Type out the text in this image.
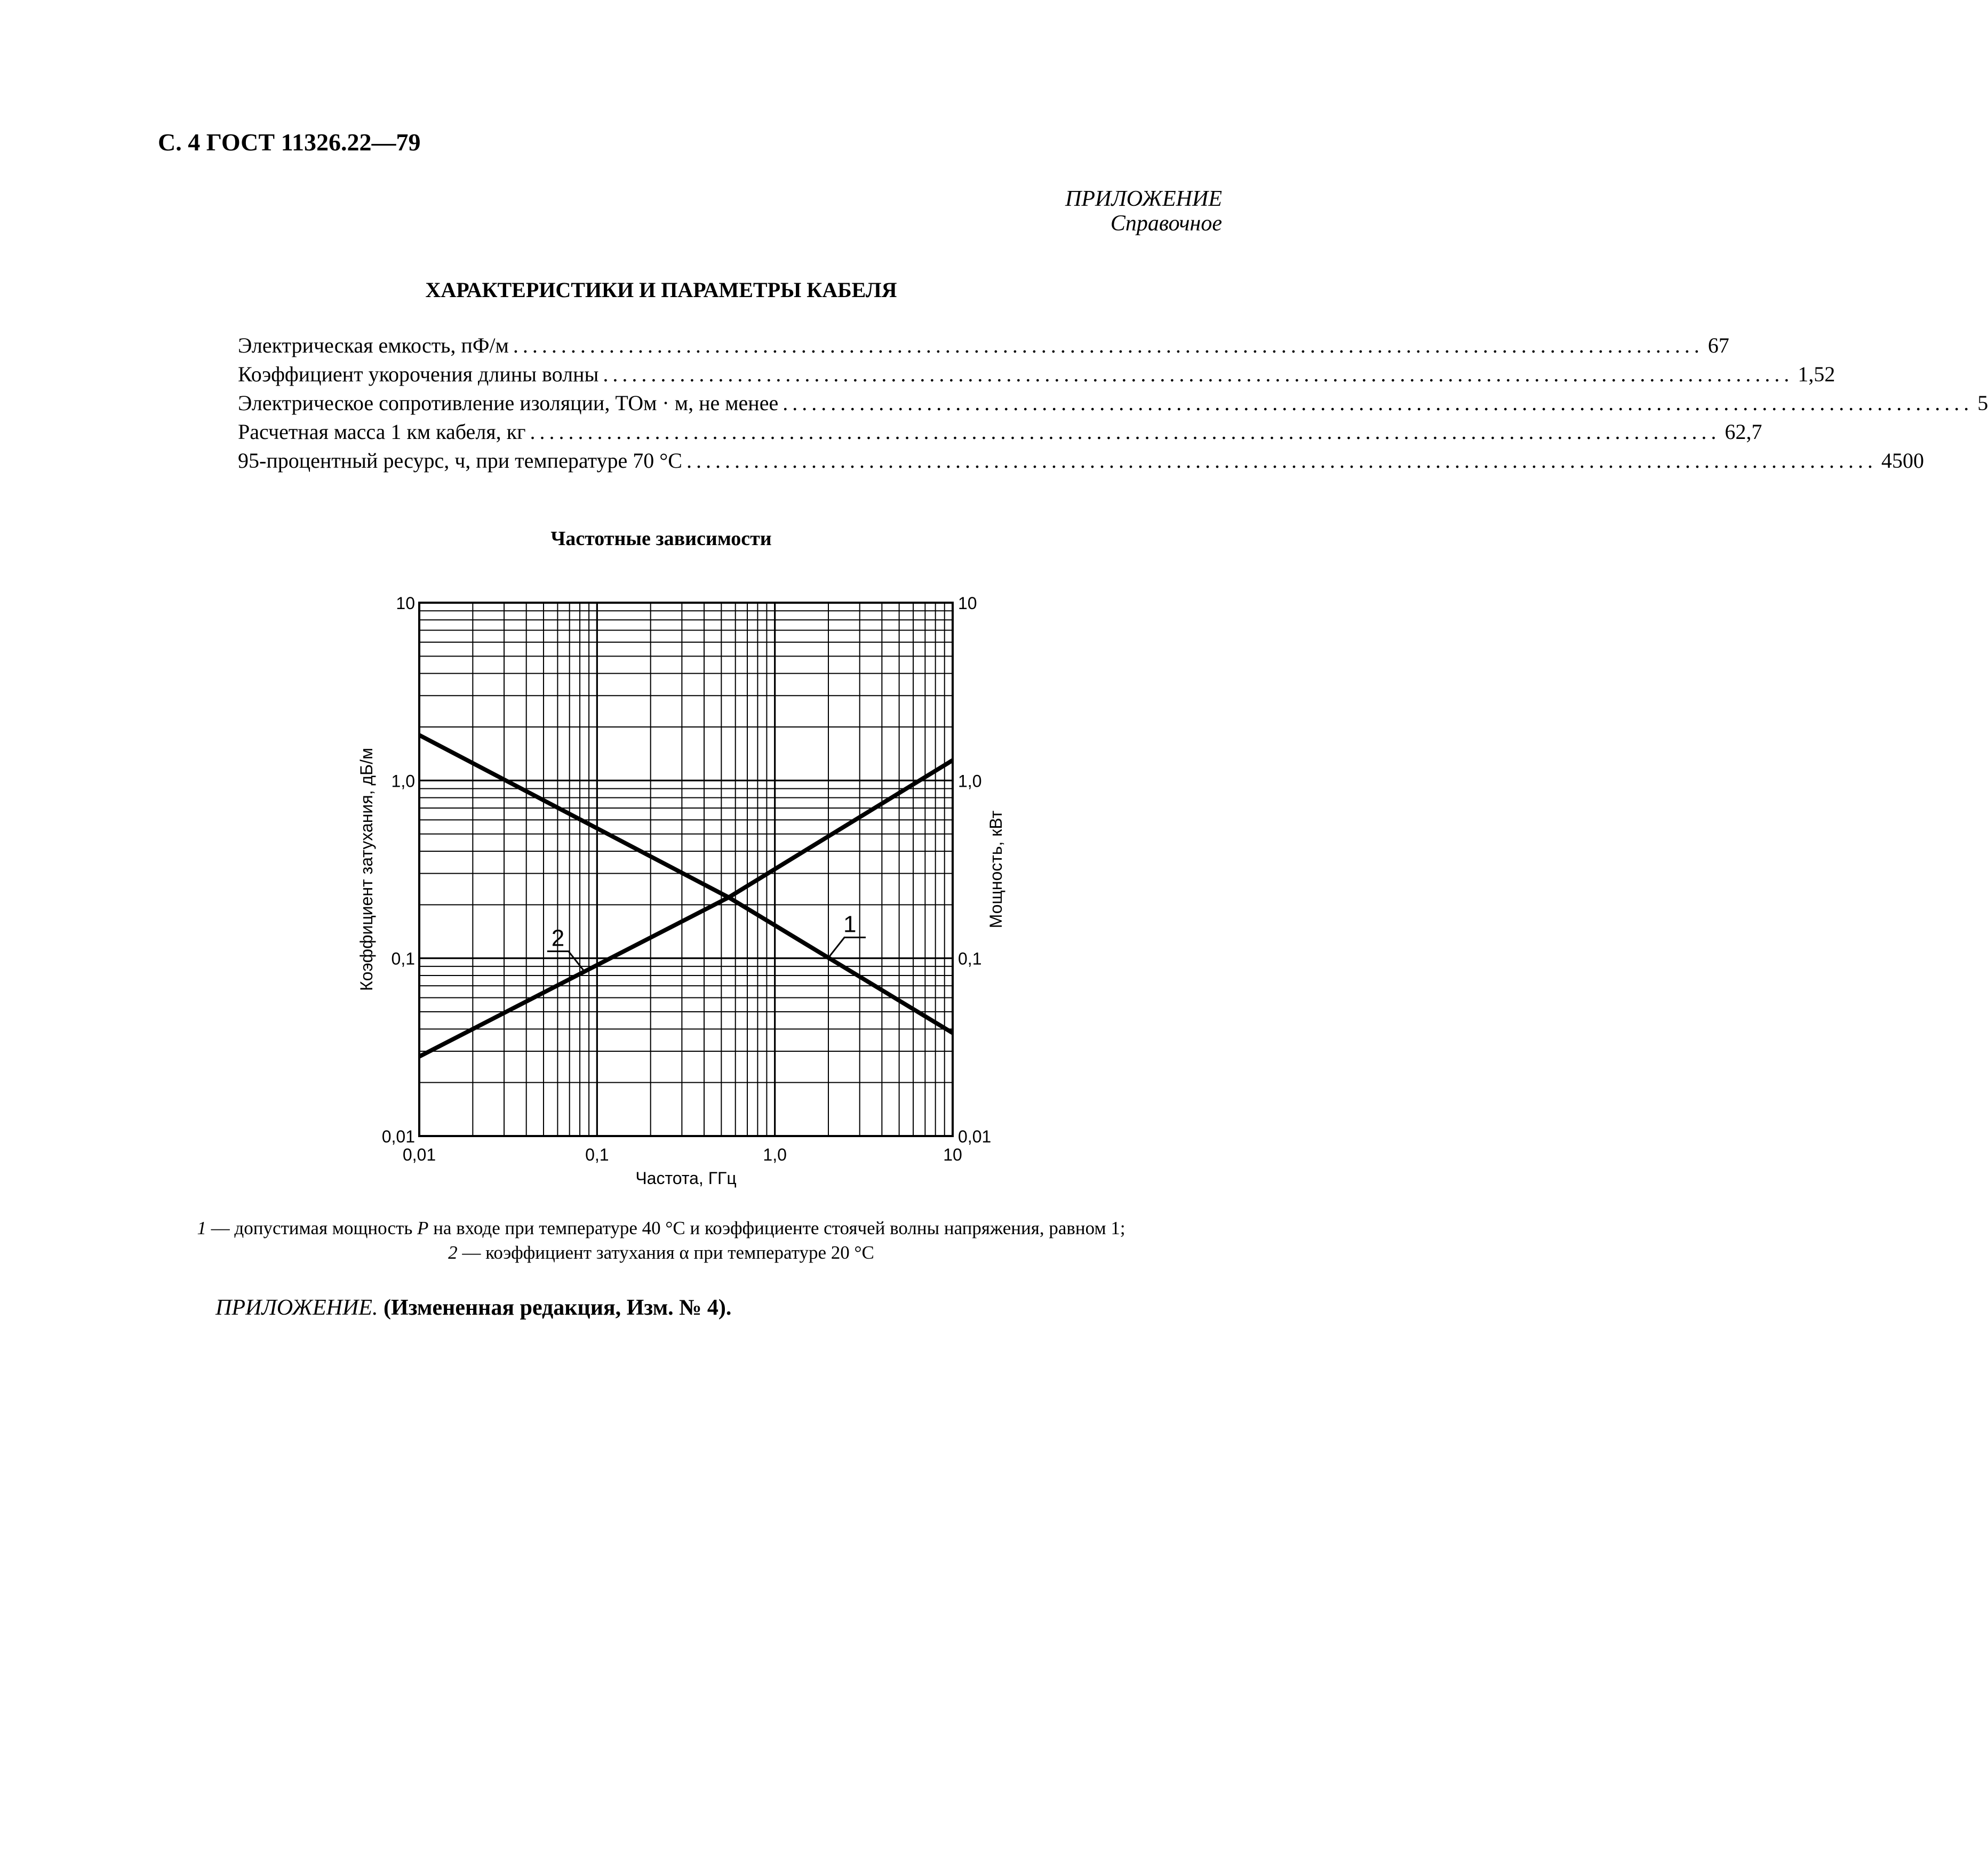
С. 4 ГОСТ 11326.22—79
ПРИЛОЖЕНИЕ
Справочное
ХАРАКТЕРИСТИКИ И ПАРАМЕТРЫ КАБЕЛЯ
Электрическая емкость, пФ/м ............................................................................................................................ 67
Коэффициент укорочения длины волны ............................................................................................................................ 1,52
Электрическое сопротивление изоляции, ТОм · м, не менее ............................................................................................................................ 5
Расчетная масса 1 км кабеля, кг ............................................................................................................................ 62,7
95-процентный ресурс, ч, при температуре 70 °С ............................................................................................................................ 4500
Частотные зависимости
1
2
0,01	0,1	1,0	10
0,01
0,1
1,0
10
0,01
0,1
1,0
10
Коэффициент затухания, дБ/м	Мощность, кВт
Частота, ГГц
1 — допустимая мощность P на входе при температуре 40 °С и коэффициенте стоячей волны напряжения, равном 1;
2 — коэффициент затухания α при температуре 20 °С
ПРИЛОЖЕНИЕ. (Измененная редакция, Изм. № 4).
